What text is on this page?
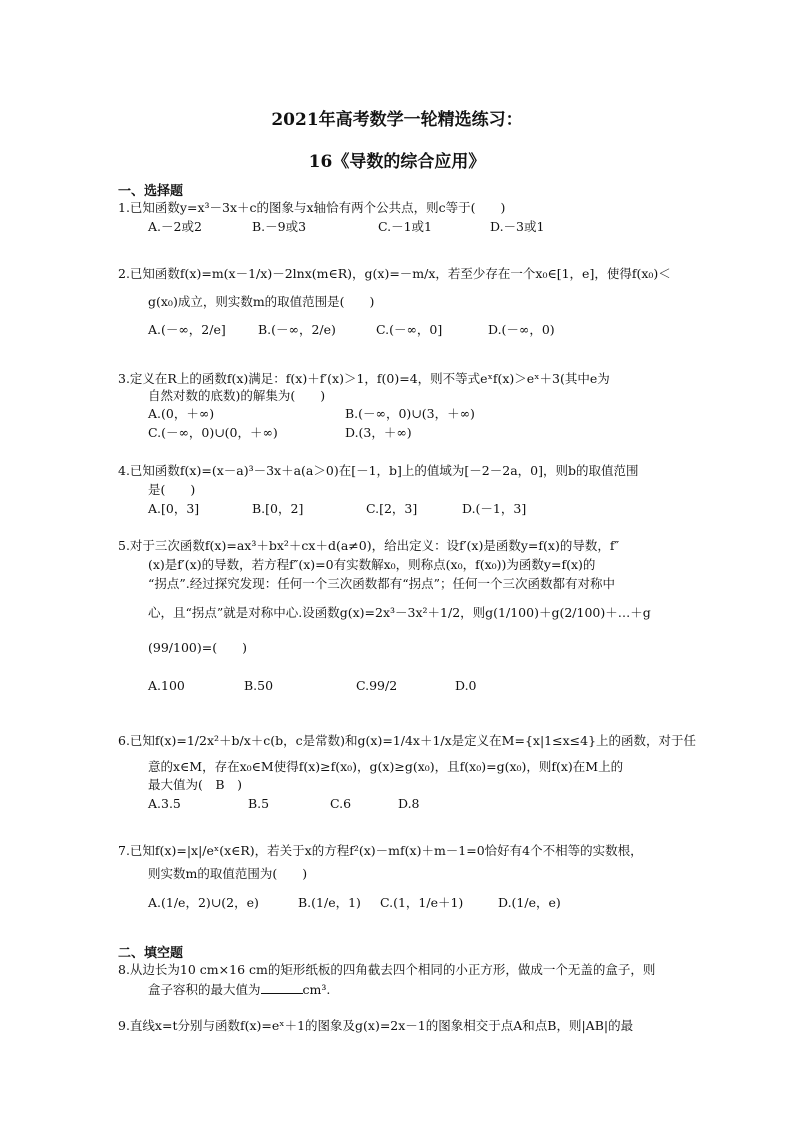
2021年高考数学一轮精选练习：
16《导数的综合应用》
一、选择题
1.已知函数y=x³－3x＋c的图象与x轴恰有两个公共点，则c等于(　　)
A.－2或2	B.－9或3	C.－1或1	D.－3或1
2.已知函数f(x)=m(x－1/x)－2lnx(m∈R)，g(x)=－m/x，若至少存在一个x₀∈[1，e]，使得f(x₀)＜
g(x₀)成立，则实数m的取值范围是(　　)
A.(－∞，2/e]	B.(－∞，2/e)	C.(－∞，0]	D.(－∞，0)
3.定义在R上的函数f(x)满足：f(x)＋f′(x)＞1，f(0)=4，则不等式eˣf(x)＞eˣ＋3(其中e为
自然对数的底数)的解集为(　　)
A.(0，＋∞)	B.(－∞，0)∪(3，＋∞)
C.(－∞，0)∪(0，＋∞)	D.(3，＋∞)
4.已知函数f(x)=(x－a)³－3x＋a(a＞0)在[－1，b]上的值域为[－2－2a，0]，则b的取值范围
是(　　)
A.[0，3]	B.[0，2]	C.[2，3]	D.(－1，3]
5.对于三次函数f(x)=ax³＋bx²＋cx＋d(a≠0)，给出定义：设f′(x)是函数y=f(x)的导数，f″
(x)是f′(x)的导数，若方程f″(x)=0有实数解x₀，则称点(x₀，f(x₀))为函数y=f(x)的
“拐点”.经过探究发现：任何一个三次函数都有“拐点”；任何一个三次函数都有对称中
心，且“拐点”就是对称中心.设函数g(x)=2x³－3x²＋1/2，则g(1/100)＋g(2/100)＋…＋g
(99/100)=(　　)
A.100	B.50	C.99/2	D.0
6.已知f(x)=1/2x²＋b/x＋c(b，c是常数)和g(x)=1/4x＋1/x是定义在M={x|1≤x≤4}上的函数，对于任
意的x∈M，存在x₀∈M使得f(x)≥f(x₀)，g(x)≥g(x₀)，且f(x₀)=g(x₀)，则f(x)在M上的
最大值为(　B　)
A.3.5	B.5	C.6	D.8
7.已知f(x)=|x|/eˣ(x∈R)，若关于x的方程f²(x)－mf(x)＋m－1=0恰好有4个不相等的实数根，
则实数m的取值范围为(　　)
A.(1/e，2)∪(2，e)	B.(1/e，1) C.(1，1/e＋1)	D.(1/e，e)
二、填空题
8.从边长为10 cm×16 cm的矩形纸板的四角截去四个相同的小正方形，做成一个无盖的盒子，则
盒子容积的最大值为	cm³.
9.直线x=t分别与函数f(x)=eˣ＋1的图象及g(x)=2x－1的图象相交于点A和点B，则|AB|的最
